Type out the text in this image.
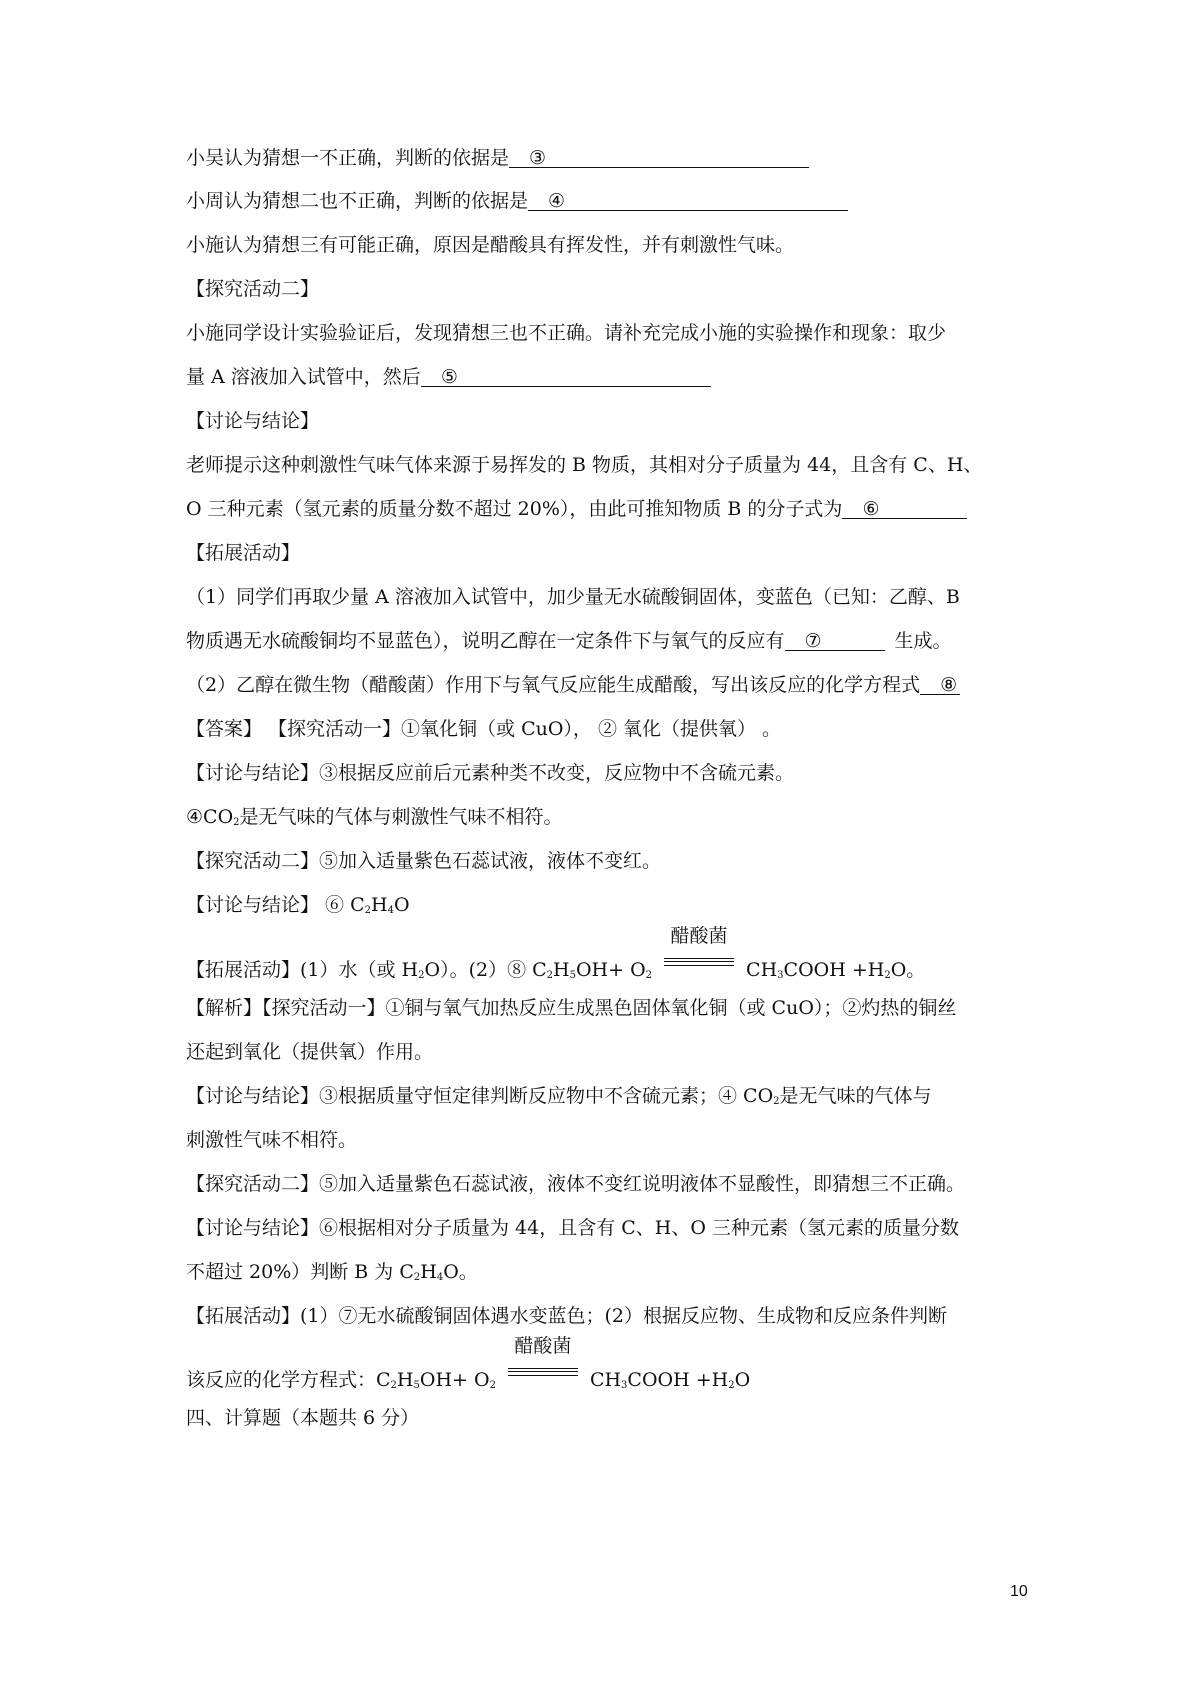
小吴认为猜想一不正确，判断的依据是 ③
小周认为猜想二也不正确，判断的依据是 ④
小施认为猜想三有可能正确，原因是醋酸具有挥发性，并有刺激性气味。
【探究活动二】
小施同学设计实验验证后，发现猜想三也不正确。请补充完成小施的实验操作和现象：取少
量 A 溶液加入试管中，然后 ⑤
【讨论与结论】
老师提示这种刺激性气味气体来源于易挥发的 B 物质，其相对分子质量为 44，且含有 C、H、
O 三种元素（氢元素的质量分数不超过 20%），由此可推知物质 B 的分子式为 ⑥
【拓展活动】
（1）同学们再取少量 A 溶液加入试管中，加少量无水硫酸铜固体，变蓝色（已知：乙醇、B
物质遇无水硫酸铜均不显蓝色），说明乙醇在一定条件下与氧气的反应有 ⑦	生成。
（2）乙醇在微生物（醋酸菌）作用下与氧气反应能生成醋酸，写出该反应的化学方程式 ⑧
【答案】 【探究活动一】①氧化铜（或 CuO）， ② 氧化（提供氧） 。
【讨论与结论】③根据反应前后元素种类不改变，反应物中不含硫元素。
$④CO_2$是无气味的气体与刺激性气味不相符。
【探究活动二】⑤加入适量紫色石蕊试液，液体不变红。
【讨论与结论】 ⑥ $C_2H_4O$
【拓展活动】(1）水（或 $H_2O$）。(2）⑧ $C_2H_5OH+ O_2$
醋酸菌
$CH_3COOH +H_2O$。
【解析】【探究活动一】①铜与氧气加热反应生成黑色固体氧化铜（或 CuO）；②灼热的铜丝
还起到氧化（提供氧）作用。
【讨论与结论】③根据质量守恒定律判断反应物中不含硫元素；④ $CO_2$是无气味的气体与
刺激性气味不相符。
【探究活动二】⑤加入适量紫色石蕊试液，液体不变红说明液体不显酸性，即猜想三不正确。
【讨论与结论】⑥根据相对分子质量为 44，且含有 C、H、O 三种元素（氢元素的质量分数
不超过 20%）判断 B 为 $C_2H_4O$。
【拓展活动】(1）⑦无水硫酸铜固体遇水变蓝色；(2）根据反应物、生成物和反应条件判断
该反应的化学方程式：$C_2H_5OH+ O_2$
醋酸菌
$CH_3COOH +H_2O$
四、计算题（本题共 6 分）
10
